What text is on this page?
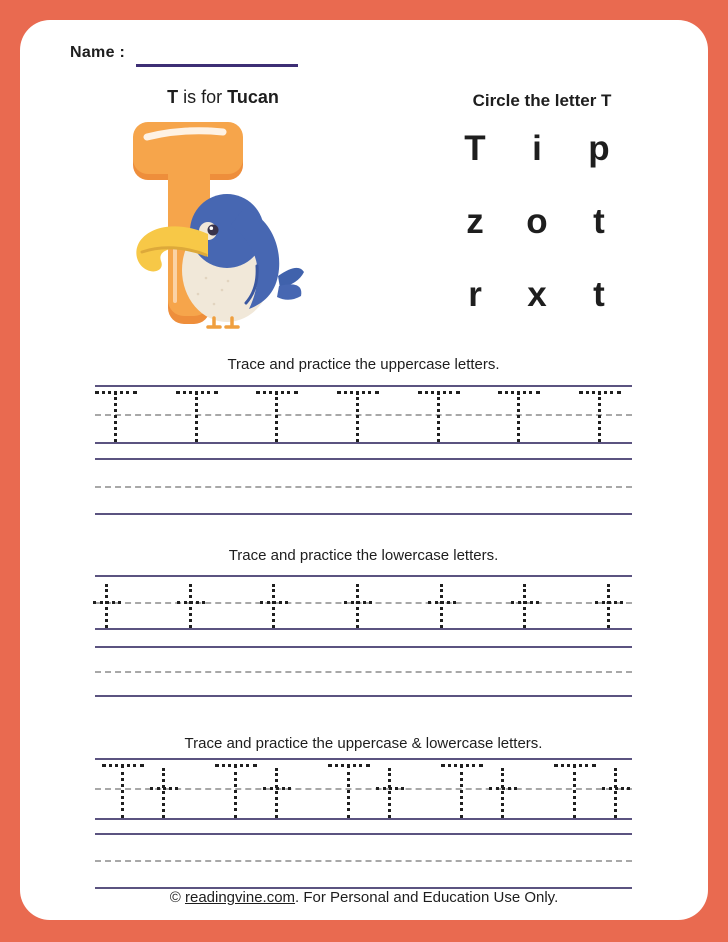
Name :
T is for Tucan	Circle the letter T
T	i	p
z	o	t
r	x	t
Trace and practice the uppercase letters.
Trace and practice the lowercase letters.
Trace and practice the uppercase & lowercase letters.
© readingvine.com. For Personal and Education Use Only.
